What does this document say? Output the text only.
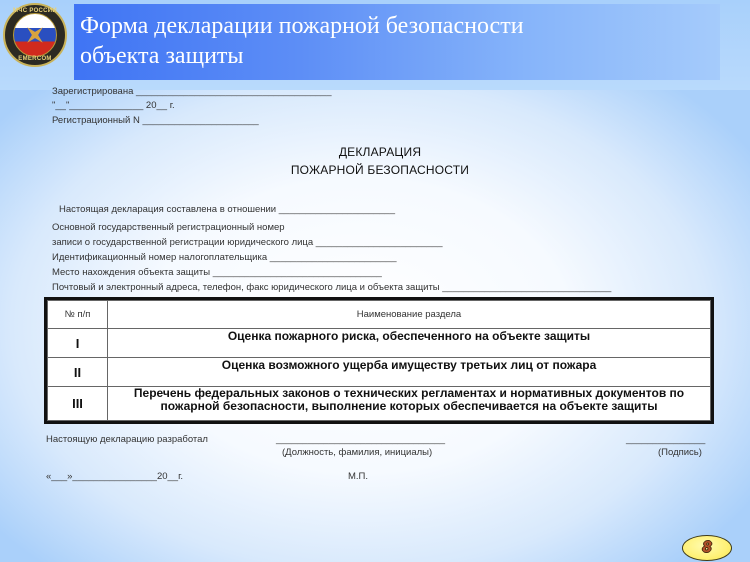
МЧС РОССИИ
EMERCOM
Форма декларации пожарной безопасности
объекта защиты
Зарегистрирована _____________________________________
"__"______________ 20__ г.
Регистрационный N ______________________
ДЕКЛАРАЦИЯ
ПОЖАРНОЙ БЕЗОПАСНОСТИ
Настоящая декларация составлена в отношении ______________________
Основной государственный регистрационный номер
записи о государственной регистрации юридического лица ________________________
Идентификационный номер налогоплательщика ________________________
Место нахождения объекта защиты ________________________________
Почтовый и электронный адреса, телефон, факс юридического лица и объекта защиты ________________________________
№ п/п	Наименование раздела
I	Оценка пожарного риска, обеспеченного на объекте защиты
II	Оценка возможного ущерба имуществу третьих лиц от пожара
III	Перечень федеральных законов о технических регламентах и нормативных документов по пожарной безопасности, выполнение которых обеспечивается на объекте защиты
Настоящую декларацию разработал	________________________________
(Должность, фамилия, инициалы)
_______________
(Подпись)
«___»________________20__г.	М.П.
8
